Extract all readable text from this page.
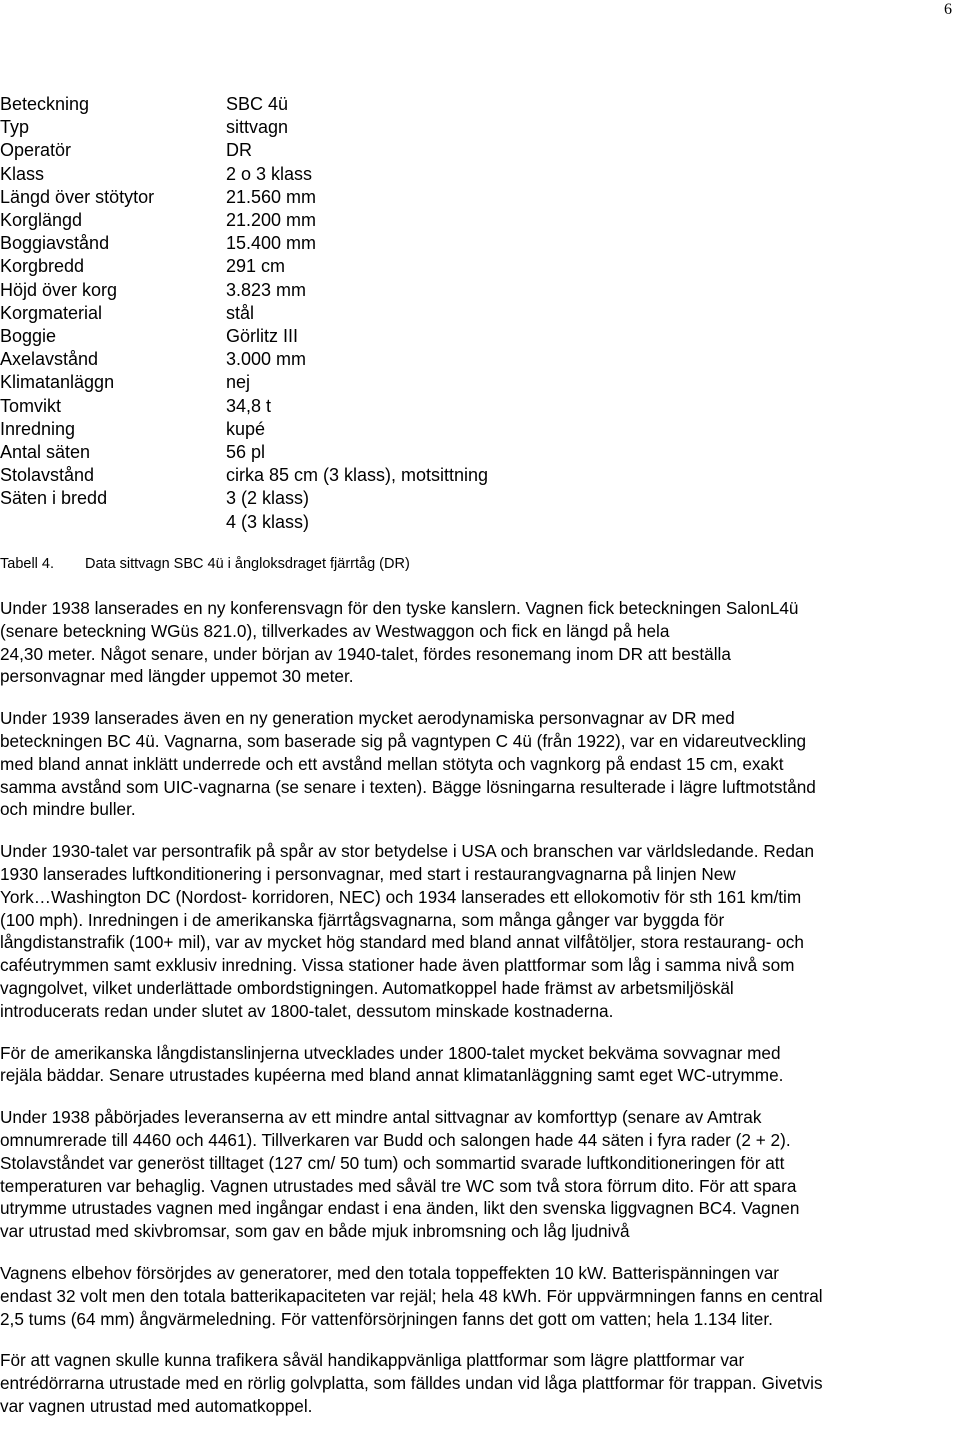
6
Beteckning	SBC 4ü
Typ	sittvagn
Operatör	DR
Klass	2 o 3 klass
Längd över stötytor	21.560 mm
Korglängd	21.200 mm
Boggiavstånd	15.400 mm
Korgbredd	291 cm
Höjd över korg	3.823 mm
Korgmaterial	stål
Boggie	Görlitz III
Axelavstånd	3.000 mm
Klimatanläggn	nej
Tomvikt	34,8 t
Inredning	kupé
Antal säten	56 pl
Stolavstånd	cirka 85 cm (3 klass), motsittning
Säten i bredd	3 (2 klass)
4 (3 klass)
Tabell 4. Data sittvagn SBC 4ü i ångloksdraget fjärrtåg (DR)

Under 1938 lanserades en ny konferensvagn för den tyske kanslern. Vagnen fick beteckningen SalonL4ü
(senare beteckning WGüs 821.0), tillverkades av Westwaggon och fick en längd på hela
24,30 meter. Något senare, under början av 1940-talet, fördes resonemang inom DR att beställa
personvagnar med längder uppemot 30 meter.

Under 1939 lanserades även en ny generation mycket aerodynamiska personvagnar av DR med
beteckningen BC 4ü. Vagnarna, som baserade sig på vagntypen C 4ü (från 1922), var en vidareutveckling
med bland annat inklätt underrede och ett avstånd mellan stötyta och vagnkorg på endast 15 cm, exakt
samma avstånd som UIC-vagnarna (se senare i texten). Bägge lösningarna resulterade i lägre luftmotstånd
och mindre buller.

Under 1930-talet var persontrafik på spår av stor betydelse i USA och branschen var världsledande. Redan
1930 lanserades luftkonditionering i personvagnar, med start i restaurangvagnarna på linjen New
York…Washington DC (Nordost- korridoren, NEC) och 1934 lanserades ett ellokomotiv för sth 161 km/tim
(100 mph). Inredningen i de amerikanska fjärrtågsvagnarna, som många gånger var byggda för
långdistanstrafik (100+ mil), var av mycket hög standard med bland annat vilfåtöljer, stora restaurang- och
caféutrymmen samt exklusiv inredning. Vissa stationer hade även plattformar som låg i samma nivå som
vagngolvet, vilket underlättade ombordstigningen. Automatkoppel hade främst av arbetsmiljöskäl
introducerats redan under slutet av 1800-talet, dessutom minskade kostnaderna.

För de amerikanska långdistanslinjerna utvecklades under 1800-talet mycket bekväma sovvagnar med
rejäla bäddar. Senare utrustades kupéerna med bland annat klimatanläggning samt eget WC-utrymme.

Under 1938 påbörjades leveranserna av ett mindre antal sittvagnar av komforttyp (senare av Amtrak
omnumrerade till 4460 och 4461). Tillverkaren var Budd och salongen hade 44 säten i fyra rader (2 + 2).
Stolavståndet var generöst tilltaget (127 cm/ 50 tum) och sommartid svarade luftkonditioneringen för att
temperaturen var behaglig. Vagnen utrustades med såväl tre WC som två stora förrum dito. För att spara
utrymme utrustades vagnen med ingångar endast i ena änden, likt den svenska liggvagnen BC4. Vagnen
var utrustad med skivbromsar, som gav en både mjuk inbromsning och låg ljudnivå

Vagnens elbehov försörjdes av generatorer, med den totala toppeffekten 10 kW. Batterispänningen var
endast 32 volt men den totala batterikapaciteten var rejäl; hela 48 kWh. För uppvärmningen fanns en central
2,5 tums (64 mm) ångvärmeledning. För vattenförsörjningen fanns det gott om vatten; hela 1.134 liter.

För att vagnen skulle kunna trafikera såväl handikappvänliga plattformar som lägre plattformar var
entrédörrarna utrustade med en rörlig golvplatta, som fälldes undan vid låga plattformar för trappan. Givetvis
var vagnen utrustad med automatkoppel.
